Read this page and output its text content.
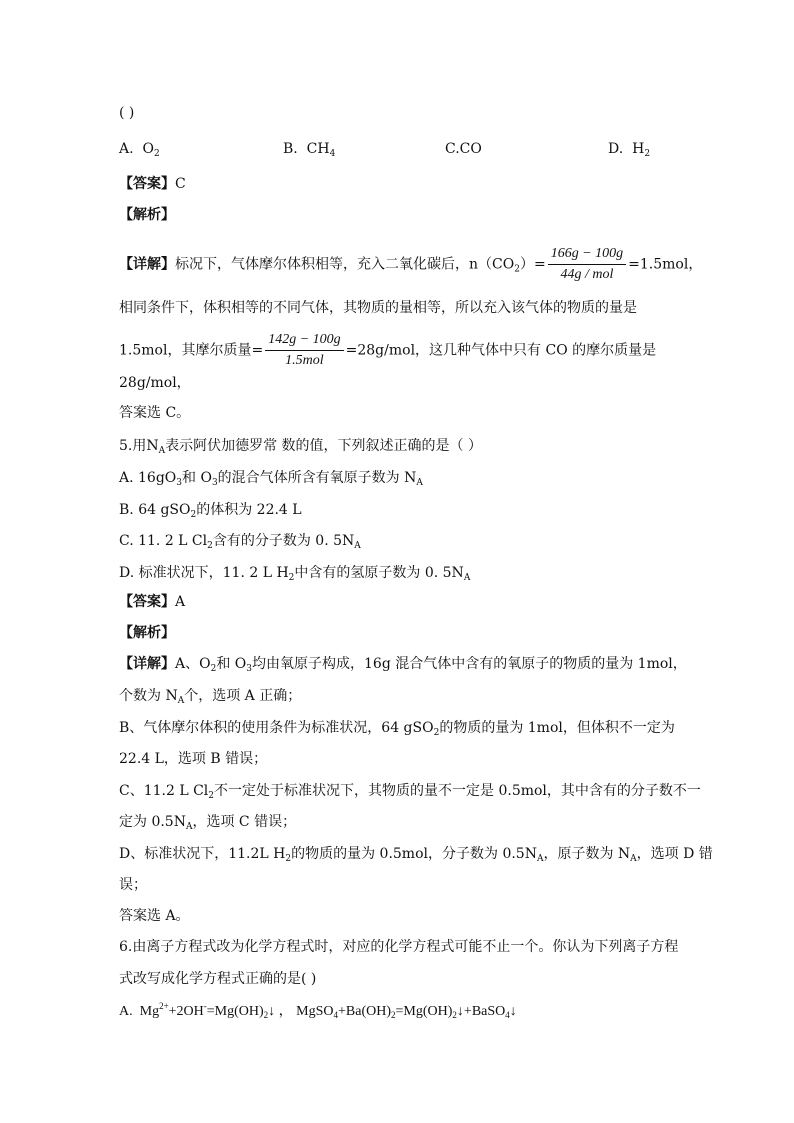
( )
A. $O_2$	B. $CH_4$	C.CO	D. $H_2$
【答案】C
【解析】
【详解】标况下，气体摩尔体积相等，充入二氧化碳后，$n(CO_2)= \frac{166g - 100g}{\text{44g / mol}} =1.5mol$，
相同条件下，体积相等的不同气体，其物质的量相等，所以充入该气体的物质的量是
1.5mol，其摩尔质量= $\frac{142g - 100g}{\text{1.5mol}} =28g/mol$，这几种气体中只有 CO 的摩尔质量是
28g/mol，
答案选 C。
5.用$N_A$表示阿伏加德罗常 数的值，下列叙述正确的是（ ）
A. $16gO_3$和 $O_3$的混合气体所含有氧原子数为 $N_A$
B. 64 gSO$_2$的体积为 22.4 L
C. 11. 2 L $Cl_2$含有的分子数为 0. $5N_A$
D. 标准状况下，11. 2 L $H_2$中含有的氢原子数为 0. $5N_A$
【答案】A
【解析】
【详解】A、$O_2$和 $O_3$均由氧原子构成，16g 混合气体中含有的氧原子的物质的量为 1mol，
个数为 $N_A$个，选项 A 正确；
B、气体摩尔体积的使用条件为标准状况，64 gSO$_2$的物质的量为 1mol，但体积不一定为
22.4 L，选项 B 错误；
C、11.2 L $Cl_2$不一定处于标准状况下，其物质的量不一定是 0.5mol，其中含有的分子数不一
定为 $0.5N_A$，选项 C 错误；
D、标准状况下，11.2L $H_2$的物质的量为 0.5mol，分子数为 $0.5N_A$，原子数为 $N_A$，选项 D 错
误；
答案选 A。
6.由离子方程式改为化学方程式时，对应的化学方程式可能不止一个。你认为下列离子方程
式改写成化学方程式正确的是( )
A. $Mg^{2+}+2OH^-=Mg(OH)_2↓$ ， $MgSO_4+Ba(OH)_2=Mg(OH)_2↓+BaSO_4↓$
